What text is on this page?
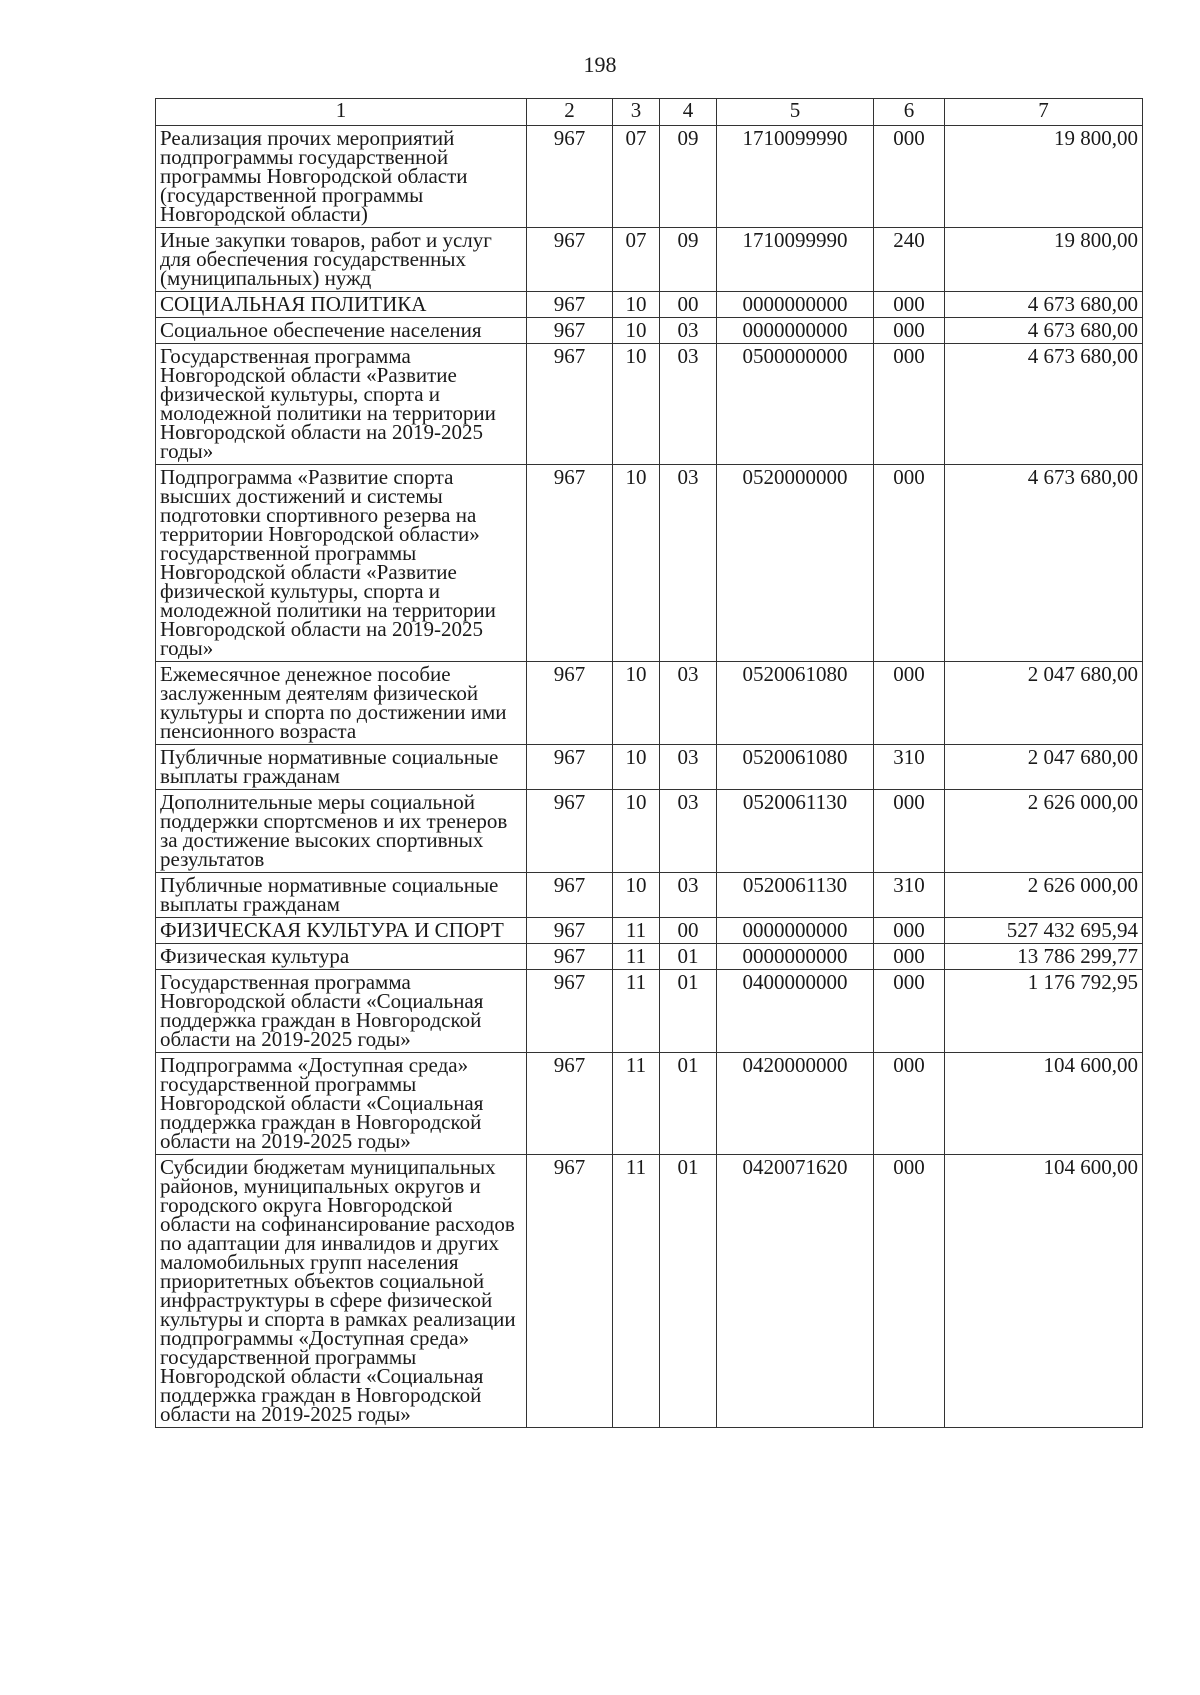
198
1	2	3	4	5	6	7
Реализация прочих мероприятий подпрограммы государственной программы Новгородской области (государственной программы Новгородской области)	967	07	09	1710099990	000	19 800,00
Иные закупки товаров, работ и услуг для обеспечения государственных (муниципальных) нужд	967	07	09	1710099990	240	19 800,00
СОЦИАЛЬНАЯ ПОЛИТИКА	967	10	00	0000000000	000	4 673 680,00
Социальное обеспечение населения	967	10	03	0000000000	000	4 673 680,00
Государственная программа Новгородской области «Развитие физической культуры, спорта и молодежной политики на территории Новгородской области на 2019-2025 годы»	967	10	03	0500000000	000	4 673 680,00
Подпрограмма «Развитие спорта высших достижений и системы подготовки спортивного резерва на территории Новгородской области» государственной программы Новгородской области «Развитие физической культуры, спорта и молодежной политики на территории Новгородской области на 2019-2025 годы»	967	10	03	0520000000	000	4 673 680,00
Ежемесячное денежное пособие заслуженным деятелям физической культуры и спорта по достижении ими пенсионного возраста	967	10	03	0520061080	000	2 047 680,00
Публичные нормативные социальные выплаты гражданам	967	10	03	0520061080	310	2 047 680,00
Дополнительные меры социальной поддержки спортсменов и их тренеров за достижение высоких спортивных результатов	967	10	03	0520061130	000	2 626 000,00
Публичные нормативные социальные выплаты гражданам	967	10	03	0520061130	310	2 626 000,00
ФИЗИЧЕСКАЯ КУЛЬТУРА И СПОРТ	967	11	00	0000000000	000	527 432 695,94
Физическая культура	967	11	01	0000000000	000	13 786 299,77
Государственная программа Новгородской области «Социальная поддержка граждан в Новгородской области на 2019-2025 годы»	967	11	01	0400000000	000	1 176 792,95
Подпрограмма «Доступная среда» государственной программы Новгородской области «Социальная поддержка граждан в Новгородской области на 2019-2025 годы»	967	11	01	0420000000	000	104 600,00
Субсидии бюджетам муниципальных районов, муниципальных округов и городского округа Новгородской области на софинансирование расходов по адаптации для инвалидов и других маломобильных групп населения приоритетных объектов социальной инфраструктуры в сфере физической культуры и спорта в рамках реализации подпрограммы «Доступная среда» государственной программы Новгородской области «Социальная поддержка граждан в Новгородской области на 2019-2025 годы»	967	11	01	0420071620	000	104 600,00
